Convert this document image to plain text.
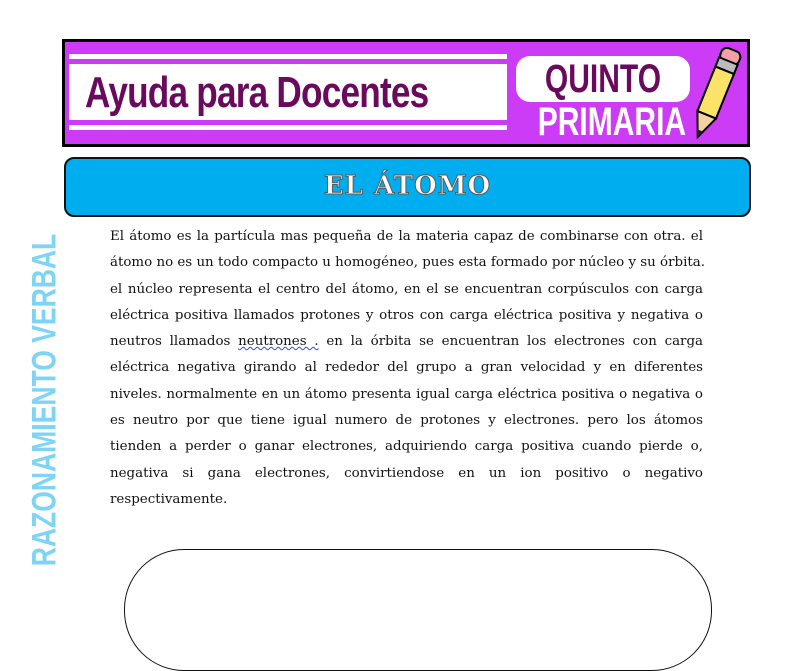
Ayuda para Docentes	QUINTO
PRIMARIA
EL ÁTOMO
RAZONAMIENTO VERBAL	El átomo es la partícula mas pequeña de la materia capaz de combinarse con otra. el
átomo no es un todo compacto u homogéneo, pues esta formado por núcleo y su órbita.
el núcleo representa el centro del átomo, en el se encuentran corpúsculos con carga
eléctrica positiva llamados protones y otros con carga eléctrica positiva y negativa o
neutros llamados neutrones . en la órbita se encuentran los electrones con carga
eléctrica negativa girando al rededor del grupo a gran velocidad y en diferentes
niveles. normalmente en un átomo presenta igual carga eléctrica positiva o negativa o
es neutro por que tiene igual numero de protones y electrones. pero los átomos
tienden a perder o ganar electrones, adquiriendo carga positiva cuando pierde o,
negativa si gana electrones, convirtiendose en un ion positivo o negativo
respectivamente.
